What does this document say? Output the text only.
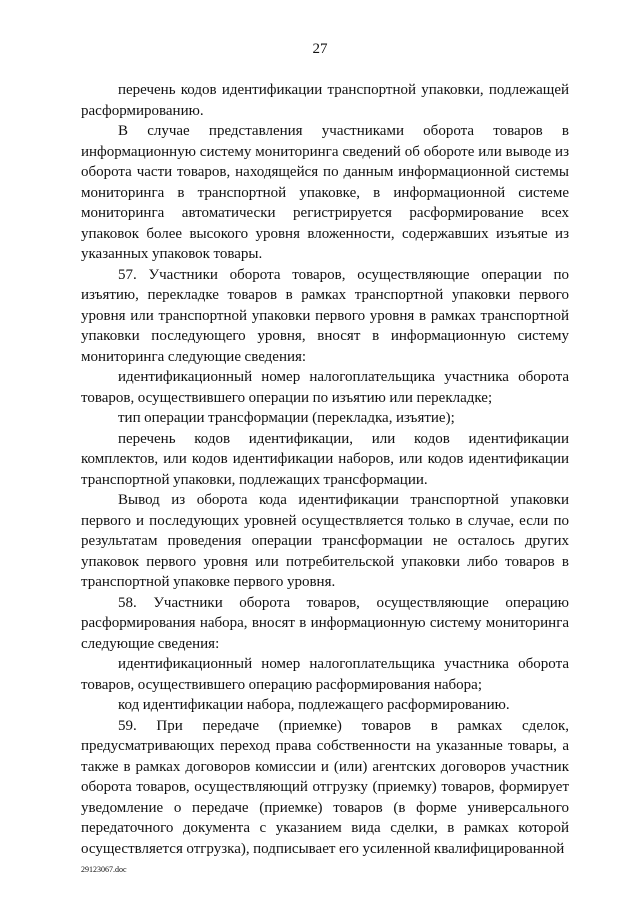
27

перечень кодов идентификации транспортной упаковки, подлежащей расформированию.

В случае представления участниками оборота товаров в информационную систему мониторинга сведений об обороте или выводе из оборота части товаров, находящейся по данным информационной системы мониторинга в транспортной упаковке, в информационной системе мониторинга автоматически регистрируется расформирование всех упаковок более высокого уровня вложенности, содержавших изъятые из указанных упаковок товары.

57. Участники оборота товаров, осуществляющие операции по изъятию, перекладке товаров в рамках транспортной упаковки первого уровня или транспортной упаковки первого уровня в рамках транспортной упаковки последующего уровня, вносят в информационную систему мониторинга следующие сведения:

идентификационный номер налогоплательщика участника оборота товаров, осуществившего операции по изъятию или перекладке;

тип операции трансформации (перекладка, изъятие);

перечень кодов идентификации, или кодов идентификации комплектов, или кодов идентификации наборов, или кодов идентификации транспортной упаковки, подлежащих трансформации.

Вывод из оборота кода идентификации транспортной упаковки первого и последующих уровней осуществляется только в случае, если по результатам проведения операции трансформации не осталось других упаковок первого уровня или потребительской упаковки либо товаров в транспортной упаковке первого уровня.

58. Участники оборота товаров, осуществляющие операцию расформирования набора, вносят в информационную систему мониторинга следующие сведения:

идентификационный номер налогоплательщика участника оборота товаров, осуществившего операцию расформирования набора;

код идентификации набора, подлежащего расформированию.

59. При передаче (приемке) товаров в рамках сделок, предусматривающих переход права собственности на указанные товары, а также в рамках договоров комиссии и (или) агентских договоров участник оборота товаров, осуществляющий отгрузку (приемку) товаров, формирует уведомление о передаче (приемке) товаров (в форме универсального передаточного документа с указанием вида сделки, в рамках которой осуществляется отгрузка), подписывает его усиленной квалифицированной

29123067.doc
